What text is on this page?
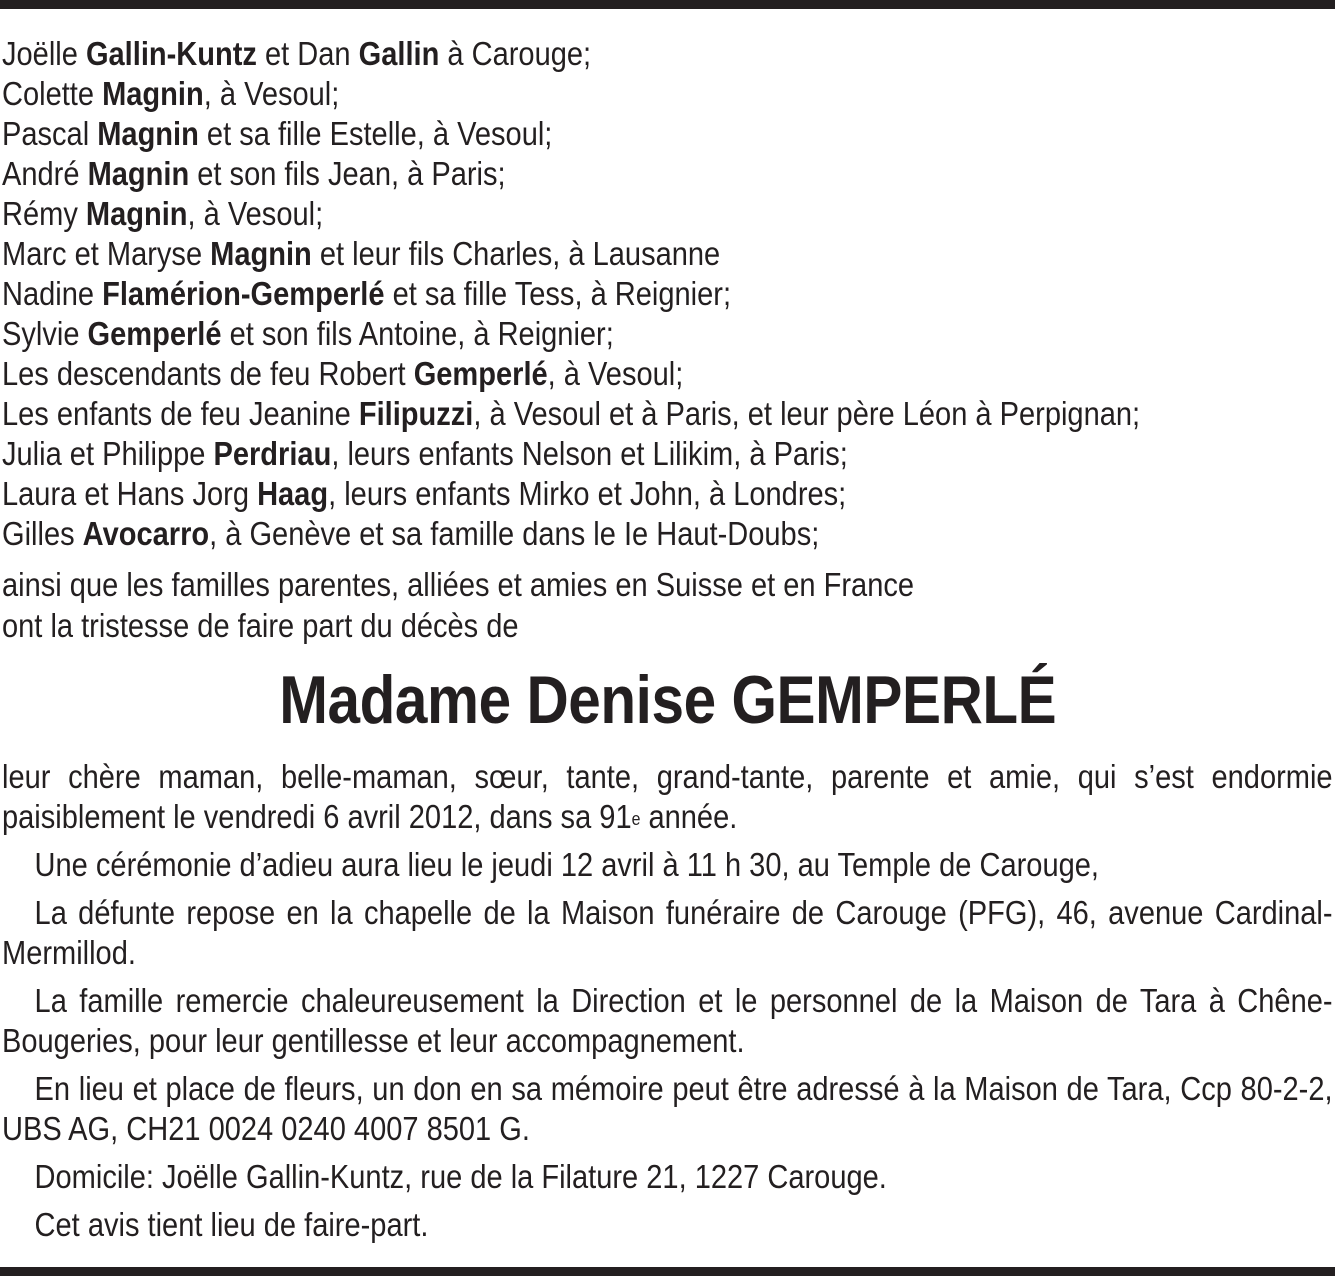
Joëlle Gallin-Kuntz et Dan Gallin à Carouge;
Colette Magnin, à Vesoul;
Pascal Magnin et sa fille Estelle, à Vesoul;
André Magnin et son fils Jean, à Paris;
Rémy Magnin, à Vesoul;
Marc et Maryse Magnin et leur fils Charles, à Lausanne
Nadine Flamérion-Gemperlé et sa fille Tess, à Reignier;
Sylvie Gemperlé et son fils Antoine, à Reignier;
Les descendants de feu Robert Gemperlé, à Vesoul;
Les enfants de feu Jeanine Filipuzzi, à Vesoul et à Paris, et leur père Léon à Perpignan;
Julia et Philippe Perdriau, leurs enfants Nelson et Lilikim, à Paris;
Laura et Hans Jorg Haag, leurs enfants Mirko et John, à Londres;
Gilles Avocarro, à Genève et sa famille dans le Ie Haut-Doubs;
ainsi que les familles parentes, alliées et amies en Suisse et en France
ont la tristesse de faire part du décès de
Madame Denise GEMPERLÉ

leur chère maman, belle-maman, sœur, tante, grand-tante, parente et amie, qui s’est endormie paisiblement le vendredi 6 avril 2012, dans sa 91e année.

Une cérémonie d’adieu aura lieu le jeudi 12 avril à 11 h 30, au Temple de Carouge,

La défunte repose en la chapelle de la Maison funéraire de Carouge (PFG), 46, avenue Cardinal-Mermillod.

La famille remercie chaleureusement la Direction et le personnel de la Maison de Tara à Chêne-Bougeries, pour leur gentillesse et leur accompagnement.

En lieu et place de fleurs, un don en sa mémoire peut être adressé à la Maison de Tara, Ccp 80-2-2, UBS AG, CH21 0024 0240 4007 8501 G.

Domicile: Joëlle Gallin-Kuntz, rue de la Filature 21, 1227 Carouge.

Cet avis tient lieu de faire-part.
